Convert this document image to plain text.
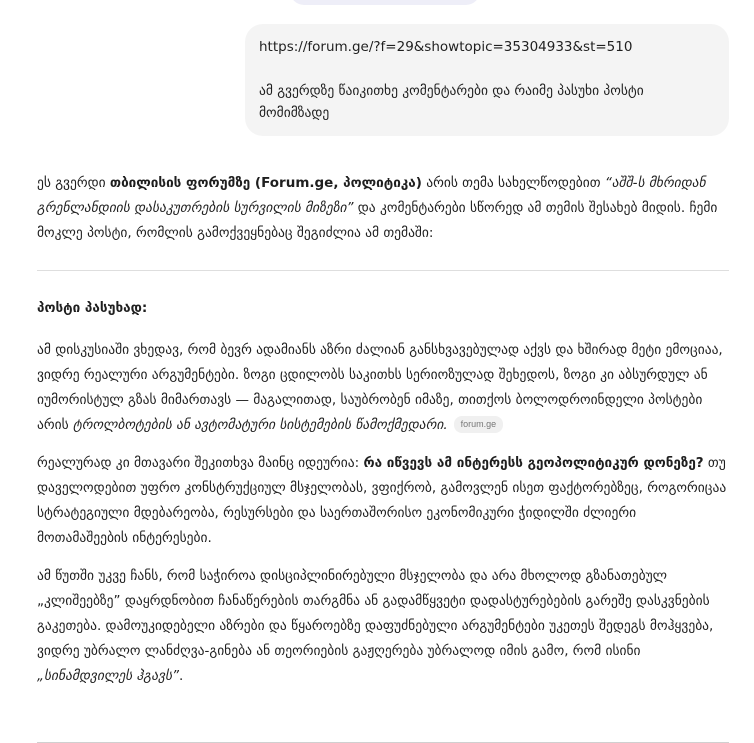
https://forum.ge/?f=29&showtopic=35304933&st=510
ამ გვერდზე წაიკითხე კომენტარები და რაიმე პასუხი პოსტი მომიმზადე

ეს გვერდი თბილისის ფორუმზე (Forum.ge, პოლიტიკა) არის თემა სახელწოდებით “აშშ-ს მხრიდან გრენლანდიის დასაკუთრების სურვილის მიზეზი” და კომენტარები სწორედ ამ თემის შესახებ მიდის. ჩემი მოკლე პოსტი, რომლის გამოქვეყნებაც შეგიძლია ამ თემაში:

პოსტი პასუხად:

ამ დისკუსიაში ვხედავ, რომ ბევრ ადამიანს აზრი ძალიან განსხვავებულად აქვს და ხშირად მეტი ემოციაა, ვიდრე რეალური არგუმენტები. ზოგი ცდილობს საკითხს სერიოზულად შეხედოს, ზოგი კი აბსურდულ ან იუმორისტულ გზას მიმართავს — მაგალითად, საუბრობენ იმაზე, თითქოს ბოლოდროინდელი პოსტები არის ტროლბოტების ან ავტომატური სისტემების წამოქმედარი. forum.ge

რეალურად კი მთავარი შეკითხვა მაინც იდეურია: რა იწვევს ამ ინტერესს გეოპოლიტიკურ დონეზე? თუ დაველოდებით უფრო კონსტრუქციულ მსჯელობას, ვფიქრობ, გამოვლენ ისეთ ფაქტორებზეც, როგორიცაა სტრატეგიული მდებარეობა, რესურსები და საერთაშორისო ეკონომიკური ჭიდილში ძლიერი მოთამაშეების ინტერესები.

ამ წუთში უკვე ჩანს, რომ საჭიროა დისციპლინირებული მსჯელობა და არა მხოლოდ გზანათებულ „კლიშეებზე” დაყრდნობით ჩანაწერების თარგმნა ან გადამწყვეტი დადასტურებების გარეშე დასკვნების გაკეთება. დამოუკიდებელი აზრები და წყაროებზე დაფუძნებული არგუმენტები უკეთეს შედეგს მოჰყვება, ვიდრე უბრალო ლანძღვა-გინება ან თეორიების გაჟღერება უბრალოდ იმის გამო, რომ ისინი „სინამდვილეს ჰგავს”.
